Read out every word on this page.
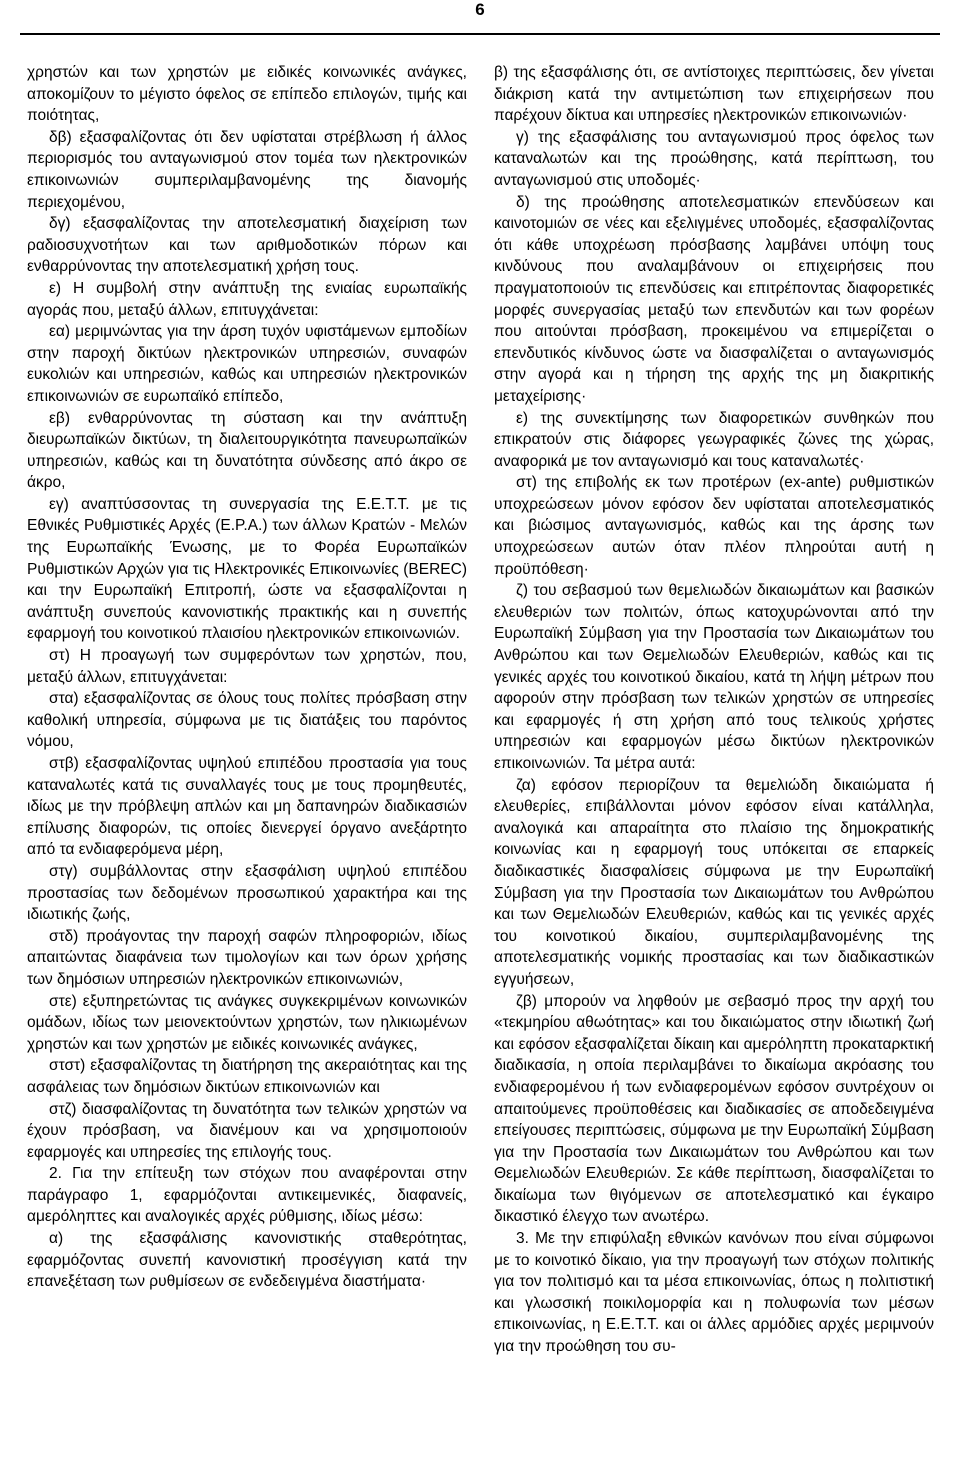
6

χρηστών και των χρηστών με ειδικές κοινωνικές ανάγκες, αποκομίζουν το μέγιστο όφελος σε επίπεδο επιλογών, τιμής και ποιότητας,

δβ) εξασφαλίζοντας ότι δεν υφίσταται στρέβλωση ή άλλος περιορισμός του ανταγωνισμού στον τομέα των ηλεκτρονικών επικοινωνιών συμπεριλαμβανομένης της διανομής περιεχομένου,

δγ) εξασφαλίζοντας την αποτελεσματική διαχείριση των ραδιοσυχνοτήτων και των αριθμοδοτικών πόρων και ενθαρρύνοντας την αποτελεσματική χρήση τους.

ε) Η συμβολή στην ανάπτυξη της ενιαίας ευρωπαϊκής αγοράς που, μεταξύ άλλων, επιτυγχάνεται:

εα) μεριμνώντας για την άρση τυχόν υφιστάμενων εμποδίων στην παροχή δικτύων ηλεκτρονικών υπηρεσιών, συναφών ευκολιών και υπηρεσιών, καθώς και υπηρεσιών ηλεκτρονικών επικοινωνιών σε ευρωπαϊκό επίπεδο,

εβ) ενθαρρύνοντας τη σύσταση και την ανάπτυξη διευρωπαϊκών δικτύων, τη διαλειτουργικότητα πανευρωπαϊκών υπηρεσιών, καθώς και τη δυνατότητα σύνδεσης από άκρο σε άκρο,

εγ) αναπτύσσοντας τη συνεργασία της Ε.Ε.Τ.Τ. με τις Εθνικές Ρυθμιστικές Αρχές (Ε.Ρ.Α.) των άλλων Κρατών - Μελών της Ευρωπαϊκής Ένωσης, με το Φορέα Ευρωπαϊκών Ρυθμιστικών Αρχών για τις Ηλεκτρονικές Επικοινωνίες (BEREC) και την Ευρωπαϊκή Επιτροπή, ώστε να εξασφαλίζονται η ανάπτυξη συνεπούς κανονιστικής πρακτικής και η συνεπής εφαρμογή του κοινοτικού πλαισίου ηλεκτρονικών επικοινωνιών.

στ) Η προαγωγή των συμφερόντων των χρηστών, που, μεταξύ άλλων, επιτυγχάνεται:

στα) εξασφαλίζοντας σε όλους τους πολίτες πρόσβαση στην καθολική υπηρεσία, σύμφωνα με τις διατάξεις του παρόντος νόμου,

στβ) εξασφαλίζοντας υψηλού επιπέδου προστασία για τους καταναλωτές κατά τις συναλλαγές τους με τους προμηθευτές, ιδίως με την πρόβλεψη απλών και μη δαπανηρών διαδικασιών επίλυσης διαφορών, τις οποίες διενεργεί όργανο ανεξάρτητο από τα ενδιαφερόμενα μέρη,

στγ) συμβάλλοντας στην εξασφάλιση υψηλού επιπέδου προστασίας των δεδομένων προσωπικού χαρακτήρα και της ιδιωτικής ζωής,

στδ) προάγοντας την παροχή σαφών πληροφοριών, ιδίως απαιτώντας διαφάνεια των τιμολογίων και των όρων χρήσης των δημόσιων υπηρεσιών ηλεκτρονικών επικοινωνιών,

στε) εξυπηρετώντας τις ανάγκες συγκεκριμένων κοινωνικών ομάδων, ιδίως των μειονεκτούντων χρηστών, των ηλικιωμένων χρηστών και των χρηστών με ειδικές κοινωνικές ανάγκες,

στστ) εξασφαλίζοντας τη διατήρηση της ακεραιότητας και της ασφάλειας των δημόσιων δικτύων επικοινωνιών και

στζ) διασφαλίζοντας τη δυνατότητα των τελικών χρηστών να έχουν πρόσβαση, να διανέμουν και να χρησιμοποιούν εφαρμογές και υπηρεσίες της επιλογής τους.

2. Για την επίτευξη των στόχων που αναφέρονται στην παράγραφο 1, εφαρμόζονται αντικειμενικές, διαφανείς, αμερόληπτες και αναλογικές αρχές ρύθμισης, ιδίως μέσω:

α) της εξασφάλισης κανονιστικής σταθερότητας, εφαρμόζοντας συνεπή κανονιστική προσέγγιση κατά την επανεξέταση των ρυθμίσεων σε ενδεδειγμένα διαστήματα·

β) της εξασφάλισης ότι, σε αντίστοιχες περιπτώσεις, δεν γίνεται διάκριση κατά την αντιμετώπιση των επιχειρήσεων που παρέχουν δίκτυα και υπηρεσίες ηλεκτρονικών επικοινωνιών·

γ) της εξασφάλισης του ανταγωνισμού προς όφελος των καταναλωτών και της προώθησης, κατά περίπτωση, του ανταγωνισμού στις υποδομές·

δ) της προώθησης αποτελεσματικών επενδύσεων και καινοτομιών σε νέες και εξελιγμένες υποδομές, εξασφαλίζοντας ότι κάθε υποχρέωση πρόσβασης λαμβάνει υπόψη τους κινδύνους που αναλαμβάνουν οι επιχειρήσεις που πραγματοποιούν τις επενδύσεις και επιτρέποντας διαφορετικές μορφές συνεργασίας μεταξύ των επενδυτών και των φορέων που αιτούνται πρόσβαση, προκειμένου να επιμερίζεται ο επενδυτικός κίνδυνος ώστε να διασφαλίζεται ο ανταγωνισμός στην αγορά και η τήρηση της αρχής της μη διακριτικής μεταχείρισης·

ε) της συνεκτίμησης των διαφορετικών συνθηκών που επικρατούν στις διάφορες γεωγραφικές ζώνες της χώρας, αναφορικά με τον ανταγωνισμό και τους καταναλωτές·

στ) της επιβολής εκ των προτέρων (ex-ante) ρυθμιστικών υποχρεώσεων μόνον εφόσον δεν υφίσταται αποτελεσματικός και βιώσιμος ανταγωνισμός, καθώς και της άρσης των υποχρεώσεων αυτών όταν πλέον πληρούται αυτή η προϋπόθεση·

ζ) του σεβασμού των θεμελιωδών δικαιωμάτων και βασικών ελευθεριών των πολιτών, όπως κατοχυρώνονται από την Ευρωπαϊκή Σύμβαση για την Προστασία των Δικαιωμάτων του Ανθρώπου και των Θεμελιωδών Ελευθεριών, καθώς και τις γενικές αρχές του κοινοτικού δικαίου, κατά τη λήψη μέτρων που αφορούν στην πρόσβαση των τελικών χρηστών σε υπηρεσίες και εφαρμογές ή στη χρήση από τους τελικούς χρήστες υπηρεσιών και εφαρμογών μέσω δικτύων ηλεκτρονικών επικοινωνιών. Τα μέτρα αυτά:

ζα) εφόσον περιορίζουν τα θεμελιώδη δικαιώματα ή ελευθερίες, επιβάλλονται μόνον εφόσον είναι κατάλληλα, αναλογικά και απαραίτητα στο πλαίσιο της δημοκρατικής κοινωνίας και η εφαρμογή τους υπόκειται σε επαρκείς διαδικαστικές διασφαλίσεις σύμφωνα με την Ευρωπαϊκή Σύμβαση για την Προστασία των Δικαιωμάτων του Ανθρώπου και των Θεμελιωδών Ελευθεριών, καθώς και τις γενικές αρχές του κοινοτικού δικαίου, συμπεριλαμβανομένης της αποτελεσματικής νομικής προστασίας και των διαδικαστικών εγγυήσεων,

ζβ) μπορούν να ληφθούν με σεβασμό προς την αρχή του «τεκμηρίου αθωότητας» και του δικαιώματος στην ιδιωτική ζωή και εφόσον εξασφαλίζεται δίκαιη και αμερόληπτη προκαταρκτική διαδικασία, η οποία περιλαμβάνει το δικαίωμα ακρόασης του ενδιαφερομένου ή των ενδιαφερομένων εφόσον συντρέχουν οι απαιτούμενες προϋποθέσεις και διαδικασίες σε αποδεδειγμένα επείγουσες περιπτώσεις, σύμφωνα με την Ευρωπαϊκή Σύμβαση για την Προστασία των Δικαιωμάτων του Ανθρώπου και των Θεμελιωδών Ελευθεριών. Σε κάθε περίπτωση, διασφαλίζεται το δικαίωμα των θιγόμενων σε αποτελεσματικό και έγκαιρο δικαστικό έλεγχο των ανωτέρω.

3. Με την επιφύλαξη εθνικών κανόνων που είναι σύμφωνοι με το κοινοτικό δίκαιο, για την προαγωγή των στόχων πολιτικής για τον πολιτισμό και τα μέσα επικοινωνίας, όπως η πολιτιστική και γλωσσική ποικιλομορφία και η πολυφωνία των μέσων επικοινωνίας, η Ε.Ε.Τ.Τ. και οι άλλες αρμόδιες αρχές μεριμνούν για την προώθηση του συ-
